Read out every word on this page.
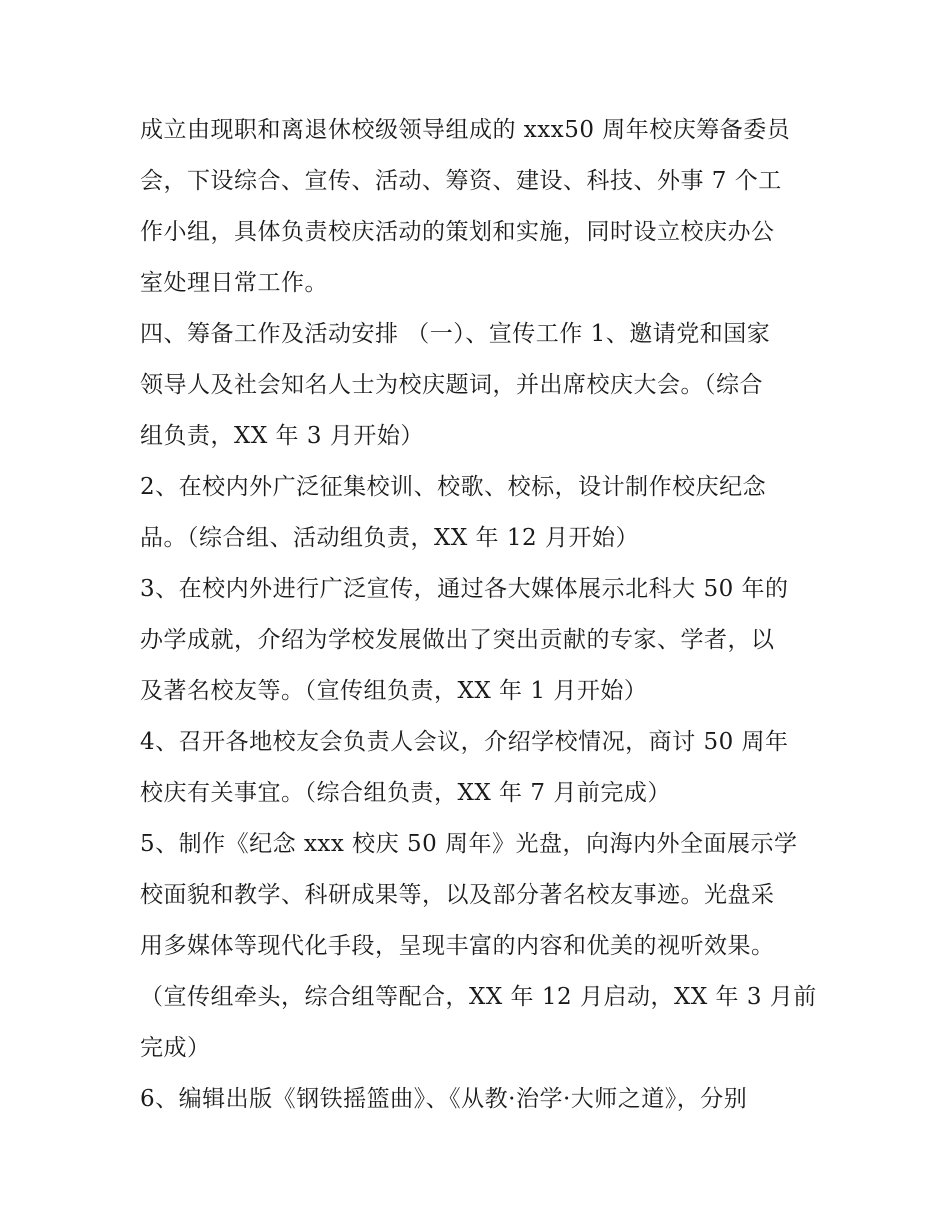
成立由现职和离退休校级领导组成的 xxx50 周年校庆筹备委员
会，下设综合、宣传、活动、筹资、建设、科技、外事 7 个工
作小组，具体负责校庆活动的策划和实施，同时设立校庆办公
室处理日常工作。
四、筹备工作及活动安排 （一）、宣传工作 1、邀请党和国家
领导人及社会知名人士为校庆题词，并出席校庆大会。（综合
组负责，XX 年 3 月开始）
2、在校内外广泛征集校训、校歌、校标，设计制作校庆纪念
品。（综合组、活动组负责，XX 年 12 月开始）
3、在校内外进行广泛宣传，通过各大媒体展示北科大 50 年的
办学成就，介绍为学校发展做出了突出贡献的专家、学者，以
及著名校友等。（宣传组负责，XX 年 1 月开始）
4、召开各地校友会负责人会议，介绍学校情况，商讨 50 周年
校庆有关事宜。（综合组负责，XX 年 7 月前完成）
5、制作《纪念 xxx 校庆 50 周年》光盘，向海内外全面展示学
校面貌和教学、科研成果等，以及部分著名校友事迹。光盘采
用多媒体等现代化手段，呈现丰富的内容和优美的视听效果。
（宣传组牵头，综合组等配合，XX 年 12 月启动，XX 年 3 月前
完成）
6、编辑出版《钢铁摇篮曲》、《从教·治学·大师之道》，分别
